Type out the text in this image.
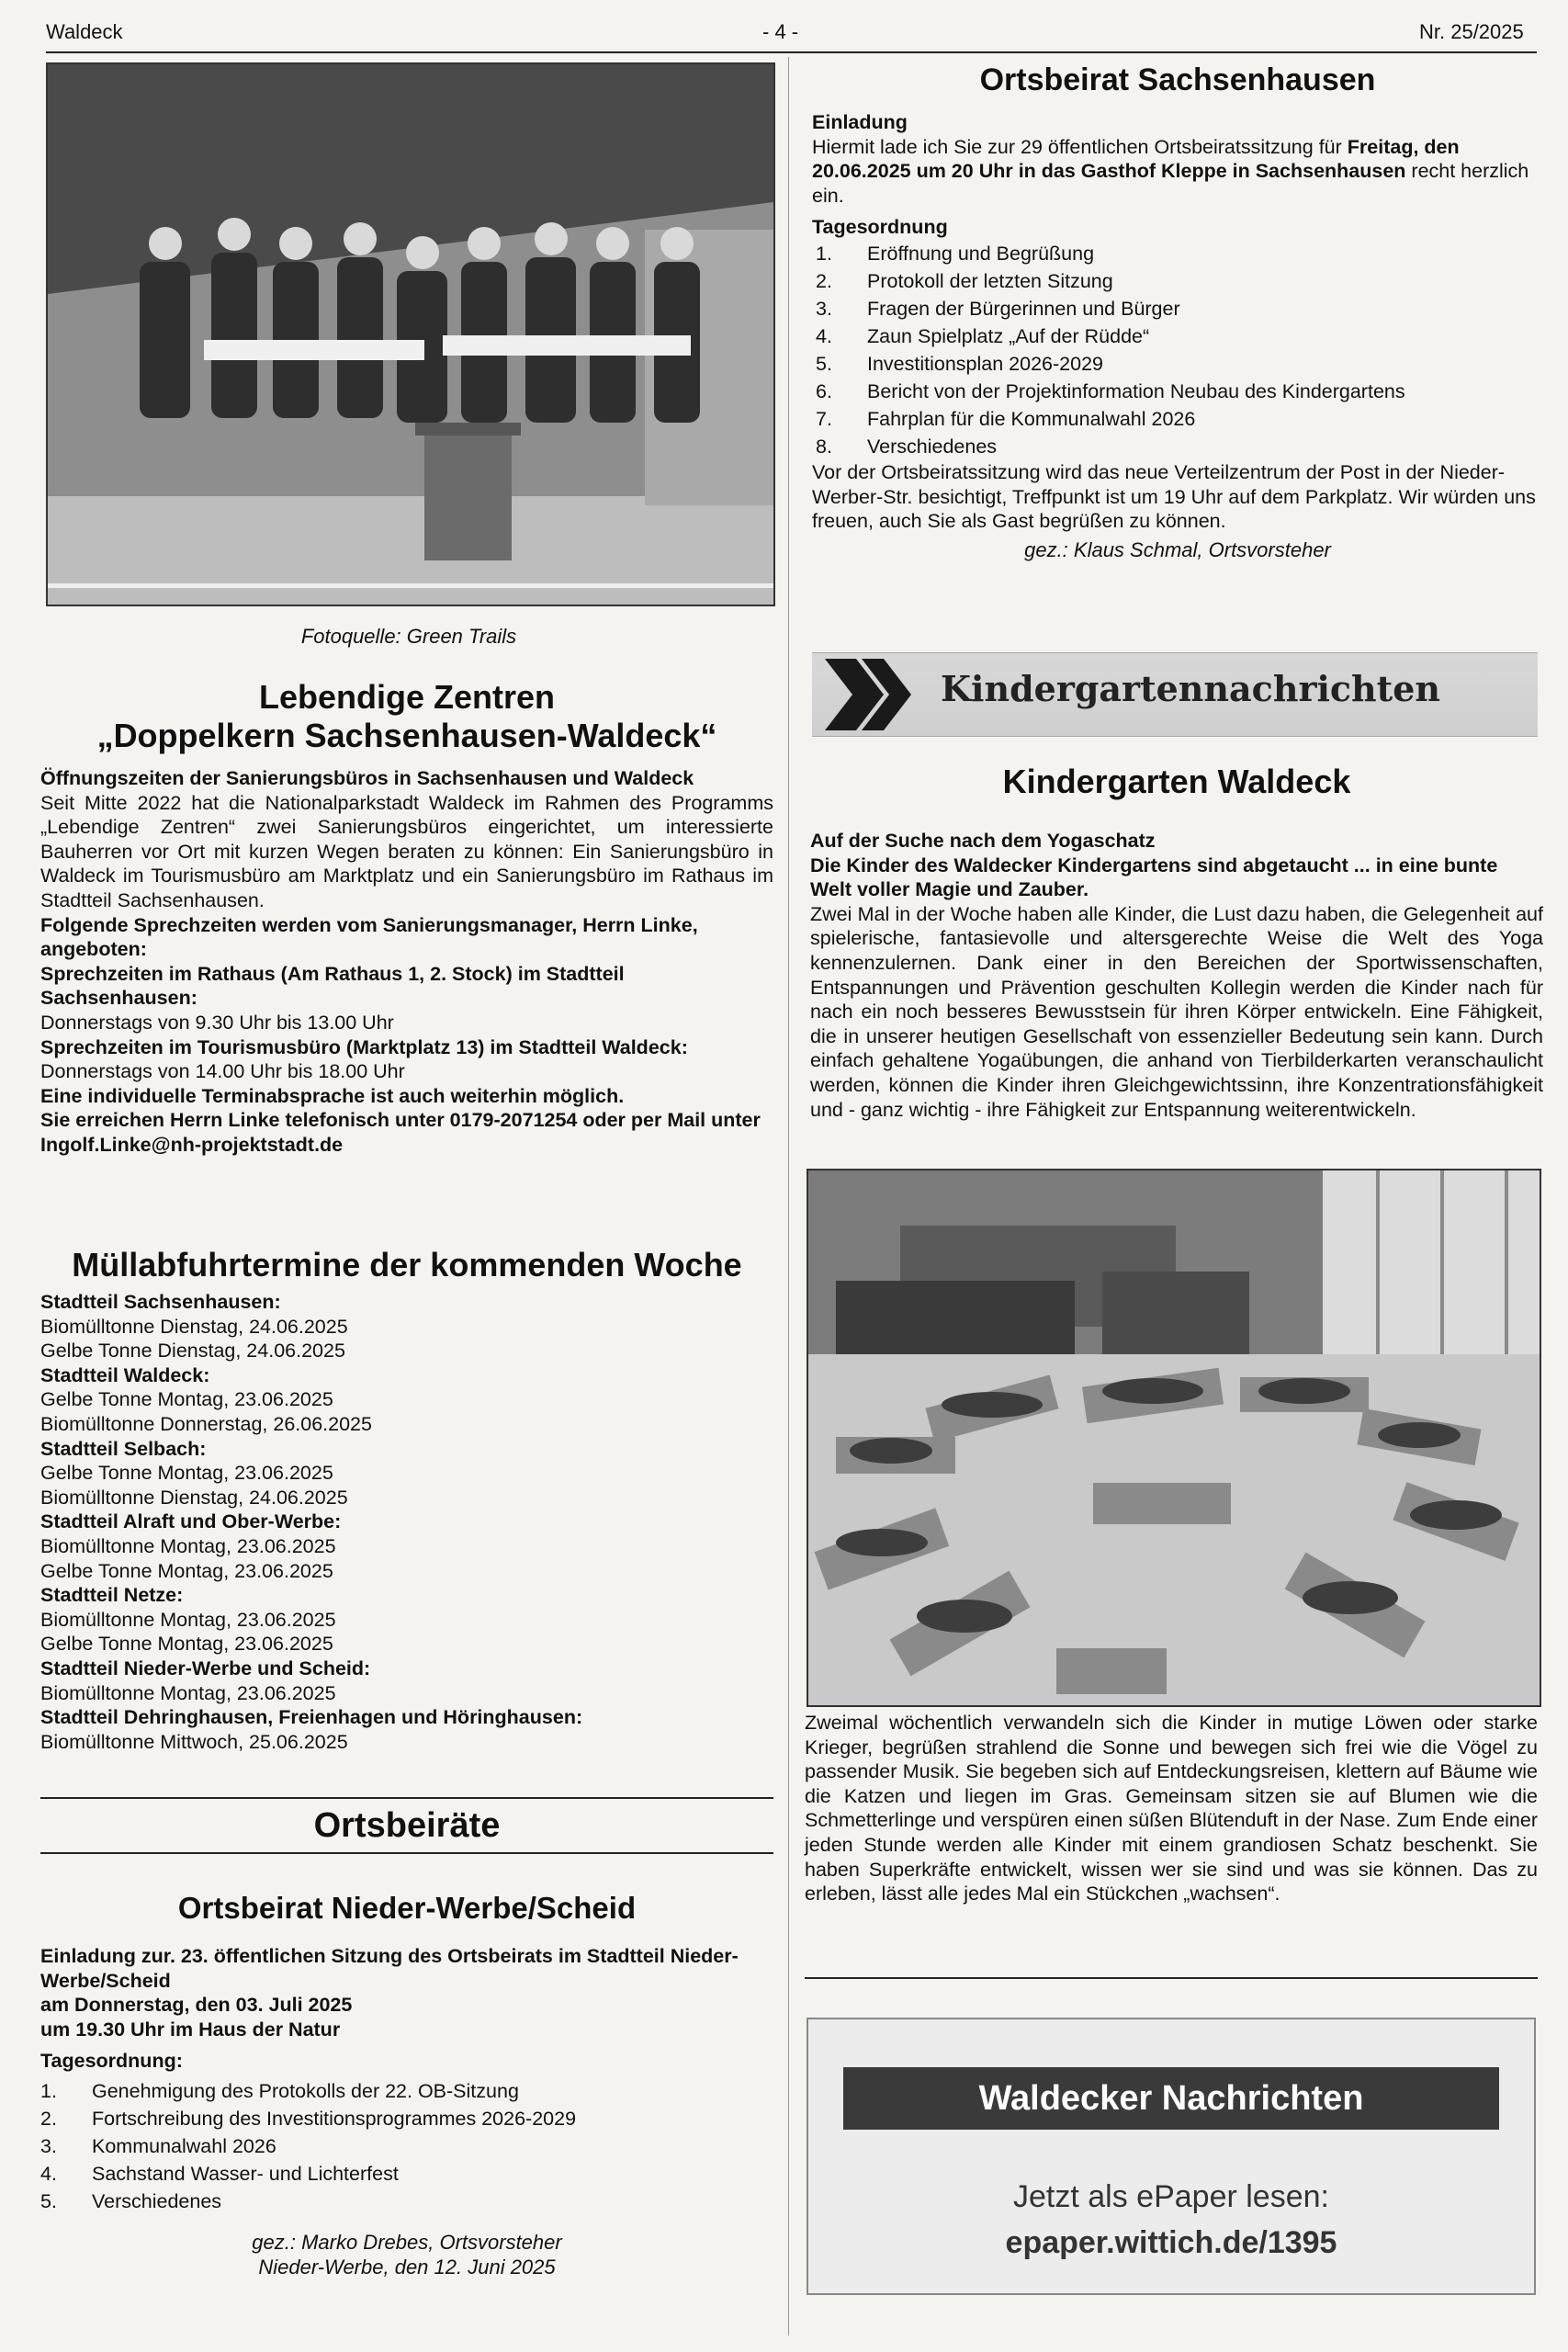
Waldeck	- 4 -	Nr. 25/2025
Fotoquelle: Green Trails
Lebendige Zentren
„Doppelkern Sachsenhausen-Waldeck“

Öffnungszeiten der Sanierungsbüros in Sachsenhausen und Waldeck

Seit Mitte 2022 hat die Nationalparkstadt Waldeck im Rahmen des Programms „Lebendige Zentren“ zwei Sanierungsbüros eingerichtet, um interessierte Bauherren vor Ort mit kurzen Wegen beraten zu können: Ein Sanierungsbüro in Waldeck im Tourismusbüro am Marktplatz und ein Sanierungsbüro im Rathaus im Stadtteil Sachsenhausen.

Folgende Sprechzeiten werden vom Sanierungsmanager, Herrn Linke, angeboten:

Sprechzeiten im Rathaus (Am Rathaus 1, 2. Stock) im Stadtteil Sachsenhausen:

Donnerstags von 9.30 Uhr bis 13.00 Uhr

Sprechzeiten im Tourismusbüro (Marktplatz 13) im Stadtteil Waldeck:

Donnerstags von 14.00 Uhr bis 18.00 Uhr

Eine individuelle Terminabsprache ist auch weiterhin möglich.

Sie erreichen Herrn Linke telefonisch unter 0179-2071254 oder per Mail unter

Ingolf.Linke@nh-projektstadt.de

Müllabfuhrtermine der kommenden Woche

Stadtteil Sachsenhausen:

Biomülltonne Dienstag, 24.06.2025

Gelbe Tonne Dienstag, 24.06.2025

Stadtteil Waldeck:

Gelbe Tonne Montag, 23.06.2025

Biomülltonne Donnerstag, 26.06.2025

Stadtteil Selbach:

Gelbe Tonne Montag, 23.06.2025

Biomülltonne Dienstag, 24.06.2025

Stadtteil Alraft und Ober-Werbe:

Biomülltonne Montag, 23.06.2025

Gelbe Tonne Montag, 23.06.2025

Stadtteil Netze:

Biomülltonne Montag, 23.06.2025

Gelbe Tonne Montag, 23.06.2025

Stadtteil Nieder-Werbe und Scheid:

Biomülltonne Montag, 23.06.2025

Stadtteil Dehringhausen, Freienhagen und Höringhausen:

Biomülltonne Mittwoch, 25.06.2025

Ortsbeiräte
Ortsbeirat Nieder-Werbe/Scheid

Einladung zur. 23. öffentlichen Sitzung des Ortsbeirats im Stadtteil Nieder-Werbe/Scheid

am Donnerstag, den 03. Juli 2025

um 19.30 Uhr im Haus der Natur

Tagesordnung:

1.	Genehmigung des Protokolls der 22. OB-Sitzung
2.	Fortschreibung des Investitionsprogrammes 2026-2029
3.	Kommunalwahl 2026
4.	Sachstand Wasser- und Lichterfest
5.	Verschiedenes
gez.: Marko Drebes, Ortsvorsteher
Nieder-Werbe, den 12. Juni 2025
Ortsbeirat Sachsenhausen

Einladung

Hiermit lade ich Sie zur 29 öffentlichen Ortsbeiratssitzung für Freitag, den 20.06.2025 um 20 Uhr in das Gasthof Kleppe in Sachsenhausen recht herzlich ein.

Tagesordnung

1.	Eröffnung und Begrüßung
2.	Protokoll der letzten Sitzung
3.	Fragen der Bürgerinnen und Bürger
4.	Zaun Spielplatz „Auf der Rüdde“
5.	Investitionsplan 2026-2029
6.	Bericht von der Projektinformation Neubau des Kindergartens
7.	Fahrplan für die Kommunalwahl 2026
8.	Verschiedenes

Vor der Ortsbeiratssitzung wird das neue Verteilzentrum der Post in der Nieder-Werber-Str. besichtigt, Treffpunkt ist um 19 Uhr auf dem Parkplatz. Wir würden uns freuen, auch Sie als Gast begrüßen zu können.

gez.: Klaus Schmal, Ortsvorsteher
Kindergartennachrichten
Kindergarten Waldeck

Auf der Suche nach dem Yogaschatz

Die Kinder des Waldecker Kindergartens sind abgetaucht ... in eine bunte Welt voller Magie und Zauber.

Zwei Mal in der Woche haben alle Kinder, die Lust dazu haben, die Gelegenheit auf spielerische, fantasievolle und altersgerechte Weise die Welt des Yoga kennenzulernen. Dank einer in den Bereichen der Sportwissenschaften, Entspannungen und Prävention geschulten Kollegin werden die Kinder nach für nach ein noch besseres Bewusstsein für ihren Körper entwickeln. Eine Fähigkeit, die in unserer heutigen Gesellschaft von essenzieller Bedeutung sein kann. Durch einfach gehaltene Yogaübungen, die anhand von Tierbilderkarten veranschaulicht werden, können die Kinder ihren Gleichgewichtssinn, ihre Konzentrationsfähigkeit und - ganz wichtig - ihre Fähigkeit zur Entspannung weiterentwickeln.

Zweimal wöchentlich verwandeln sich die Kinder in mutige Löwen oder starke Krieger, begrüßen strahlend die Sonne und bewegen sich frei wie die Vögel zu passender Musik. Sie begeben sich auf Entdeckungsreisen, klettern auf Bäume wie die Katzen und liegen im Gras. Gemeinsam sitzen sie auf Blumen wie die Schmetterlinge und verspüren einen süßen Blütenduft in der Nase. Zum Ende einer jeden Stunde werden alle Kinder mit einem grandiosen Schatz beschenkt. Sie haben Superkräfte entwickelt, wissen wer sie sind und was sie können. Das zu erleben, lässt alle jedes Mal ein Stückchen „wachsen“.

Waldecker Nachrichten
Jetzt als ePaper lesen:
epaper.wittich.de/1395
